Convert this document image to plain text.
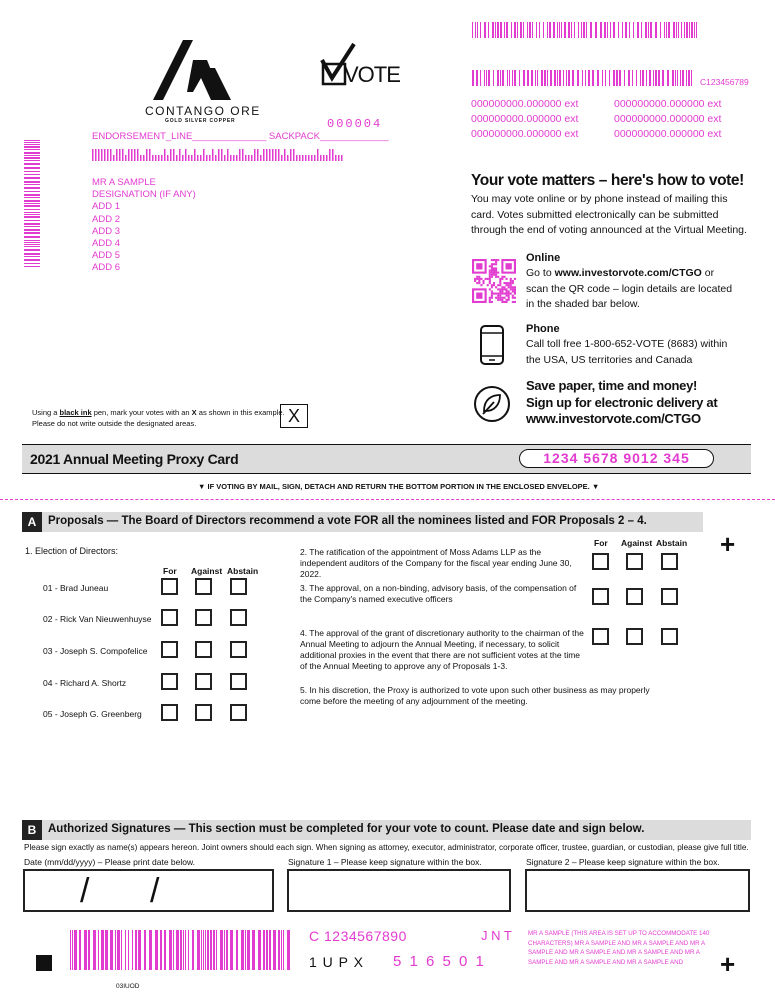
CONTANGO ORE
GOLD SILVER COPPER
VOTE
000004
ENDORSEMENT_LINE______________ SACKPACK_____________
MR A SAMPLE
DESIGNATION (IF ANY)
ADD 1
ADD 2
ADD 3
ADD 4
ADD 5
ADD 6
C123456789
000000000.000000 ext	000000000.000000 ext
000000000.000000 ext	000000000.000000 ext
000000000.000000 ext	000000000.000000 ext
Your vote matters – here's how to vote!
You may vote online or by phone instead of mailing this card. Votes submitted electronically can be submitted through the end of voting announced at the Virtual Meeting.
Online
Go to www.investorvote.com/CTGO or scan the QR code – login details are located in the shaded bar below.
Phone
Call toll free 1-800-652-VOTE (8683) within the USA, US territories and Canada
Save paper, time and money!
Sign up for electronic delivery at
www.investorvote.com/CTGO
Using a black ink pen, mark your votes with an X as shown in this example.
Please do not write outside the designated areas.	X
2021 Annual Meeting Proxy Card	1234 5678 9012 345
▼ IF VOTING BY MAIL, SIGN, DETACH AND RETURN THE BOTTOM PORTION IN THE ENCLOSED ENVELOPE. ▼
A	Proposals — The Board of Directors recommend a vote FOR all the nominees listed and FOR Proposals 2 – 4.
1. Election of Directors:
For Against Abstain
01 - Brad Juneau
02 - Rick Van Nieuwenhuyse
03 - Joseph S. Compofelice
04 - Richard A. Shortz
05 - Joseph G. Greenberg
For Against Abstain +
2. The ratification of the appointment of Moss Adams LLP as the independent auditors of the Company for the fiscal year ending June 30, 2022.
3. The approval, on a non-binding, advisory basis, of the compensation of the Company's named executive officers
4. The approval of the grant of discretionary authority to the chairman of the Annual Meeting to adjourn the Annual Meeting, if necessary, to solicit additional proxies in the event that there are not sufficient votes at the time of the Annual Meeting to approve any of Proposals 1-3.
5. In his discretion, the Proxy is authorized to vote upon such other business as may properly come before the meeting of any adjournment of the meeting.
B	Authorized Signatures — This section must be completed for your vote to count. Please date and sign below.
Please sign exactly as name(s) appears hereon. Joint owners should each sign. When signing as attorney, executor, administrator, corporate officer, trustee, guardian, or custodian, please give full title.
Date (mm/dd/yyyy) – Please print date below.	Signature 1 – Please keep signature within the box.	Signature 2 – Please keep signature within the box.
/ /
03IUOD
C 1234567890	J N T
1 U P X 5 1 6 5 0 1
MR A SAMPLE (THIS AREA IS SET UP TO ACCOMMODATE 140 CHARACTERS) MR A SAMPLE AND MR A SAMPLE AND MR A SAMPLE AND MR A SAMPLE AND MR A SAMPLE AND MR A SAMPLE AND MR A SAMPLE AND MR A SAMPLE AND	+
